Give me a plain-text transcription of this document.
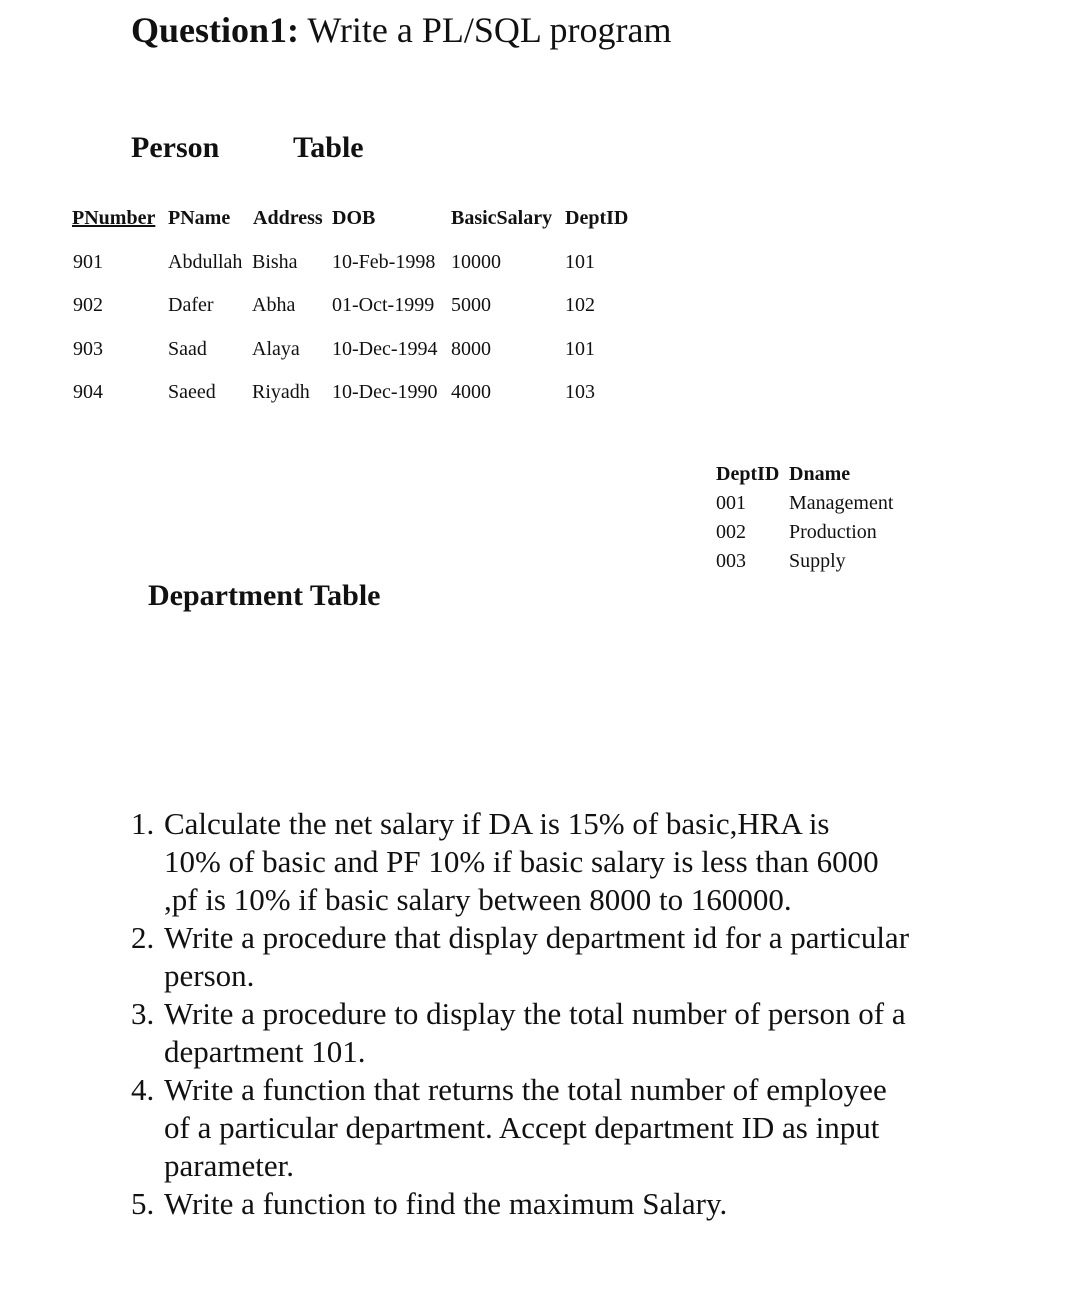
Question1: Write a PL/SQL program
Person Table
PNumber PName Address DOB	BasicSalary DeptID
901	Abdullah Bisha 10-Feb-1998 10000	101
902	Dafer Abha 01-Oct-1999 5000	102
903	Saad Alaya 10-Dec-1994 8000	101
904	Saeed Riyadh 10-Dec-1990 4000	103
DeptID Dname
001 Management
002 Production
003 Supply
Department Table
1. Calculate the net salary if DA is 15% of basic,HRA is
10% of basic and PF 10% if basic salary is less than 6000
,pf is 10% if basic salary between 8000 to 160000.
2. Write a procedure that display department id for a particular
person.
3. Write a procedure to display the total number of person of a
department 101.
4. Write a function that returns the total number of employee
of a particular department. Accept department ID as input
parameter.
5. Write a function to find the maximum Salary.
